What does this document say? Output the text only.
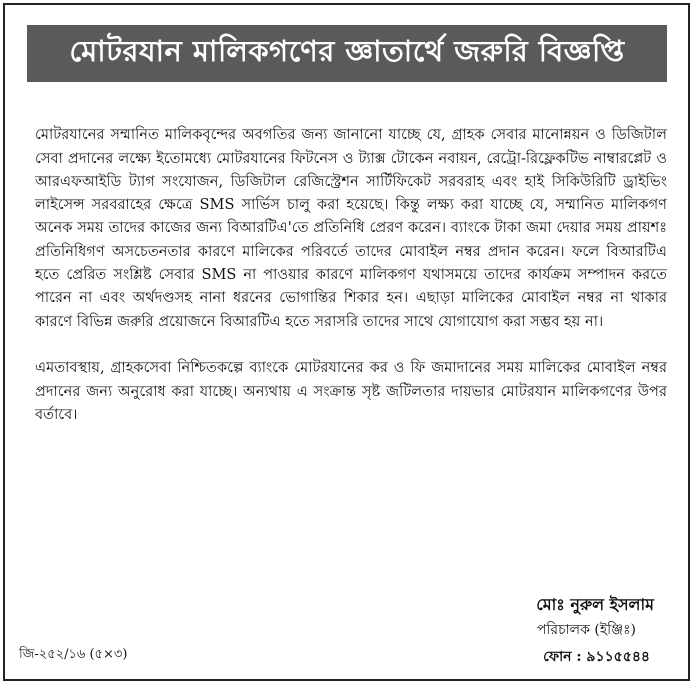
মোটরযান মালিকগণের জ্ঞাতার্থে জরুরি বিজ্ঞপ্তি

মোটরযানের সম্মানিত মালিকবৃন্দের অবগতির জন্য জানানো যাচ্ছে যে, গ্রাহক সেবার মানোন্নয়ন ও ডিজিটাল সেবা প্রদানের লক্ষ্যে ইতোমধ্যে মোটরযানের ফিটনেস ও ট্যাক্স টোকেন নবায়ন, রেট্রো-রিফ্লেকটিভ নাম্বারপ্লেট ও আরএফআইডি ট্যাগ সংযোজন, ডিজিটাল রেজিস্ট্রেশন সার্টিফিকেট সরবরাহ এবং হাই সিকিউরিটি ড্রাইভিং লাইসেন্স সরবরাহের ক্ষেত্রে SMS সার্ভিস চালু করা হয়েছে। কিন্তু লক্ষ্য করা যাচ্ছে যে, সম্মানিত মালিকগণ অনেক সময় তাদের কাজের জন্য বিআরটিএ'তে প্রতিনিধি প্রেরণ করেন। ব্যাংকে টাকা জমা দেয়ার সময় প্রায়শঃ প্রতিনিধিগণ অসচেতনতার কারণে মালিকের পরিবর্তে তাদের মোবাইল নম্বর প্রদান করেন। ফলে বিআরটিএ হতে প্রেরিত সংশ্লিষ্ট সেবার SMS না পাওয়ার কারণে মালিকগণ যথাসময়ে তাদের কার্যক্রম সম্পাদন করতে পারেন না এবং অর্থদণ্ডসহ নানা ধরনের ভোগান্তির শিকার হন। এছাড়া মালিকের মোবাইল নম্বর না থাকার কারণে বিভিন্ন জরুরি প্রয়োজনে বিআরটিএ হতে সরাসরি তাদের সাথে যোগাযোগ করা সম্ভব হয় না।

এমতাবস্থায়, গ্রাহকসেবা নিশ্চিতকল্পে ব্যাংকে মোটরযানের কর ও ফি জমাদানের সময় মালিকের মোবাইল নম্বর প্রদানের জন্য অনুরোধ করা যাচ্ছে। অন্যথায় এ সংক্রান্ত সৃষ্ট জটিলতার দায়ভার মোটরযান মালিকগণের উপর বর্তাবে।

মোঃ নুরুল ইসলাম
পরিচালক (ইঞ্জিঃ)
জি-২৫২/১৬ (৫×৩)	ফোন : ৯১১৫৫৪৪
